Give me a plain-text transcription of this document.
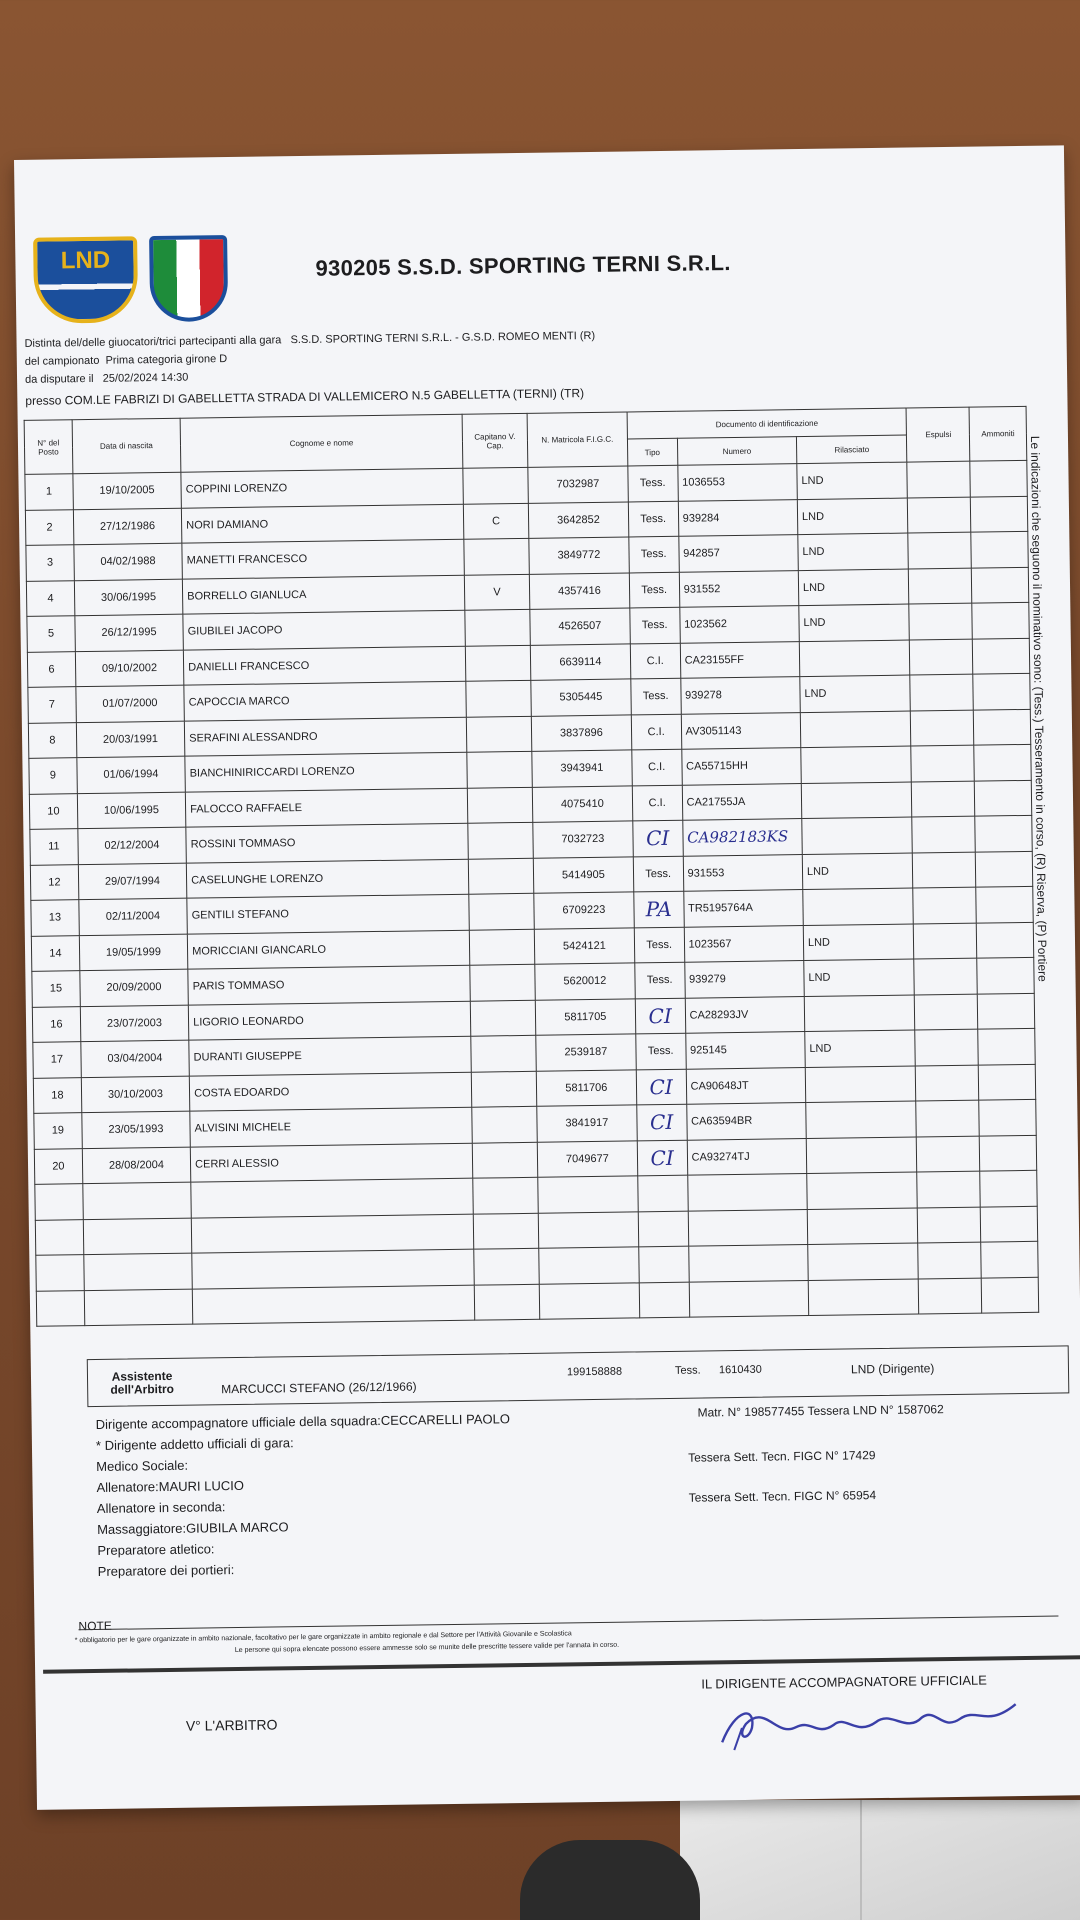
LND	930205 S.S.D. SPORTING TERNI S.R.L.
Distinta del/delle giuocatori/trici partecipanti alla gara S.S.D. SPORTING TERNI S.R.L. - G.S.D. ROMEO MENTI (R)
del campionato Prima categoria girone D
da disputare il 25/02/2024 14:30
presso COM.LE FABRIZI DI GABELLETTA STRADA DI VALLEMICERO N.5 GABELLETTA (TERNI) (TR)
N° del Posto	Data di nascita	Cognome e nome	Capitano V. Cap.	N. Matricola F.I.G.C.	Documento di identificazione			Espulsi	Ammoniti	
					Tipo	Numero	Rilasciato			
1	19/10/2005	COPPINI LORENZO		7032987	Tess.	1036553	LND			
2	27/12/1986	NORI DAMIANO	C	3642852	Tess.	939284	LND			
3	04/02/1988	MANETTI FRANCESCO		3849772	Tess.	942857	LND			
4	30/06/1995	BORRELLO GIANLUCA	V	4357416	Tess.	931552	LND			
5	26/12/1995	GIUBILEI JACOPO		4526507	Tess.	1023562	LND			
6	09/10/2002	DANIELLI FRANCESCO		6639114	C.I.	CA23155FF				
7	01/07/2000	CAPOCCIA MARCO		5305445	Tess.	939278	LND			
8	20/03/1991	SERAFINI ALESSANDRO		3837896	C.I.	AV3051143				
9	01/06/1994	BIANCHINIRICCARDI LORENZO		3943941	C.I.	CA55715HH				
10	10/06/1995	FALOCCO RAFFAELE		4075410	C.I.	CA21755JA				
11	02/12/2004	ROSSINI TOMMASO		7032723	CI	CA982183KS				
12	29/07/1994	CASELUNGHE LORENZO		5414905	Tess.	931553	LND			
13	02/11/2004	GENTILI STEFANO		6709223	PA	TR5195764A				
14	19/05/1999	MORICCIANI GIANCARLO		5424121	Tess.	1023567	LND			
15	20/09/2000	PARIS TOMMASO		5620012	Tess.	939279	LND			
16	23/07/2003	LIGORIO LEONARDO		5811705	CI	CA28293JV				
17	03/04/2004	DURANTI GIUSEPPE		2539187	Tess.	925145	LND			
18	30/10/2003	COSTA EDOARDO		5811706	CI	CA90648JT				
19	23/05/1993	ALVISINI MICHELE		3841917	CI	CA63594BR				
20	28/08/2004	CERRI ALESSIO		7049677	CI	CA93274TJ				

Le indicazioni che seguono il nominativo sono: (Tess.) Tesseramento in corso, (R) Riserva, (P) Portiere
Assistente dell'Arbitro	MARCUCCI STEFANO (26/12/1966)
199158888	Tess. 1610430	LND (Dirigente)
Dirigente accompagnatore ufficiale della squadra:CECCARELLI PAOLO
* Dirigente addetto ufficiali di gara:
Medico Sociale:
Allenatore:MAURI LUCIO
Allenatore in seconda:
Massaggiatore:GIUBILA MARCO
Preparatore atletico:
Preparatore dei portieri:
Matr. N° 198577455 Tessera LND N° 1587062
Tessera Sett. Tecn. FIGC N° 17429
Tessera Sett. Tecn. FIGC N° 65954
NOTE
* obbligatorio per le gare organizzate in ambito nazionale, facoltativo per le gare organizzate in ambito regionale e dal Settore per l'Attività Giovanile e Scolastica
Le persone qui sopra elencate possono essere ammesse solo se munite delle prescritte tessere valide per l'annata in corso.
V° L'ARBITRO
IL DIRIGENTE ACCOMPAGNATORE UFFICIALE
